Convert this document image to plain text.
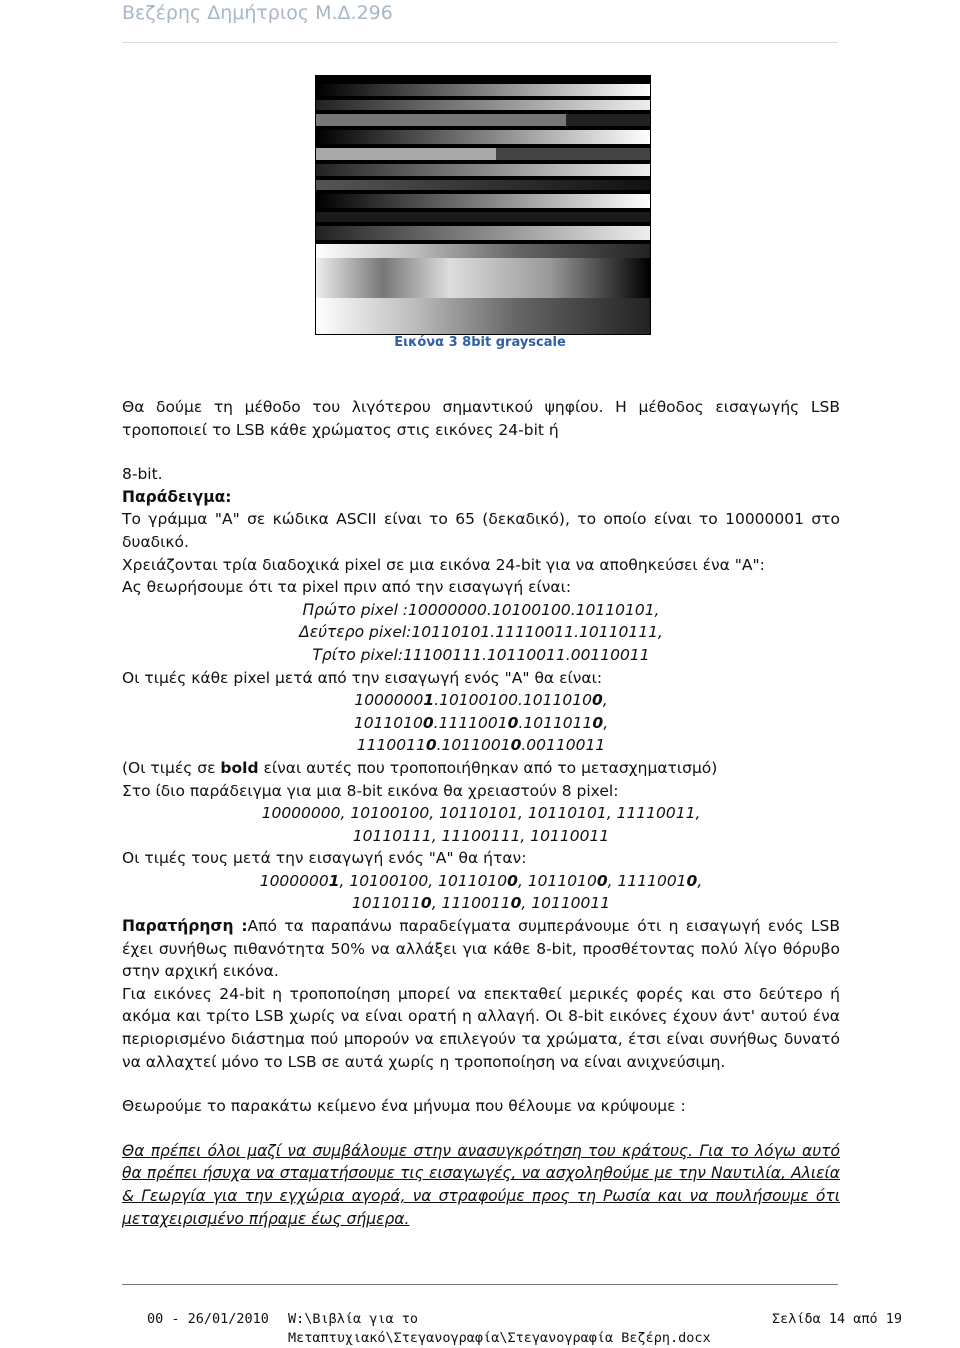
Βεζέρης Δημήτριος Μ.Δ.296
Εικόνα 3 8bit grayscale

Θα δούμε τη μέθοδο του λιγότερου σημαντικού ψηφίου. Η μέθοδος εισαγωγής LSB τροποποιεί το LSB κάθε χρώματος στις εικόνες 24-bit ή

8-bit.

Παράδειγμα:

Το γράμμα "A" σε κώδικα ASCII είναι το 65 (δεκαδικό), το οποίο είναι το 10000001 στο δυαδικό.

Χρειάζονται τρία διαδοχικά pixel σε μια εικόνα 24-bit για να αποθηκεύσει ένα "A":

Ας θεωρήσουμε ότι τα pixel πριν από την εισαγωγή είναι:

Πρώτο pixel :10000000.10100100.10110101,

Δεύτερο pixel:10110101.11110011.10110111,

Τρίτο pixel:11100111.10110011.00110011

Οι τιμές κάθε pixel μετά από την εισαγωγή ενός "A" θα είναι:

10000001.10100100.10110100,

10110100.11110010.10110110,

11100110.10110010.00110011

(Οι τιμές σε bold είναι αυτές που τροποποιήθηκαν από το μετασχηματισμό)

Στο ίδιο παράδειγμα για μια 8-bit εικόνα θα χρειαστούν 8 pixel:

10000000, 10100100, 10110101, 10110101, 11110011,

10110111, 11100111, 10110011

Οι τιμές τους μετά την εισαγωγή ενός "A" θα ήταν:

10000001, 10100100, 10110100, 10110100, 11110010,

10110110, 11100110, 10110011

Παρατήρηση :Από τα παραπάνω παραδείγματα συμπεράνουμε ότι η εισαγωγή ενός LSB έχει συνήθως πιθανότητα 50% να αλλάξει για κάθε 8-bit, προσθέτοντας πολύ λίγο θόρυβο στην αρχική εικόνα.

Για εικόνες 24-bit η τροποποίηση μπορεί να επεκταθεί μερικές φορές και στο δεύτερο ή ακόμα και τρίτο LSB χωρίς να είναι ορατή η αλλαγή. Οι 8-bit εικόνες έχουν άντ' αυτού ένα περιορισμένο διάστημα πού μπορούν να επιλεγούν τα χρώματα, έτσι είναι συνήθως δυνατό να αλλαχτεί μόνο το LSB σε αυτά χωρίς η τροποποίηση να είναι ανιχνεύσιμη.

Θεωρούμε το παρακάτω κείμενο ένα μήνυμα που θέλουμε να κρύψουμε :

Θα πρέπει όλοι μαζί να συμβάλουμε στην ανασυγκρότηση του κράτους. Για το λόγω αυτό θα πρέπει ήσυχα να σταματήσουμε τις εισαγωγές, να ασχοληθούμε με την Ναυτιλία, Αλιεία & Γεωργία για την εγχώρια αγορά, να στραφούμε προς τη Ρωσία και να πουλήσουμε ότι μεταχειρισμένο πήραμε έως σήμερα.

00 - 26/01/2010 W:\Βιβλία για το Μεταπτυχιακό\Στεγανογραφία\Στεγανογραφία Βεζέρη.docx
Σελίδα 14 από 19
